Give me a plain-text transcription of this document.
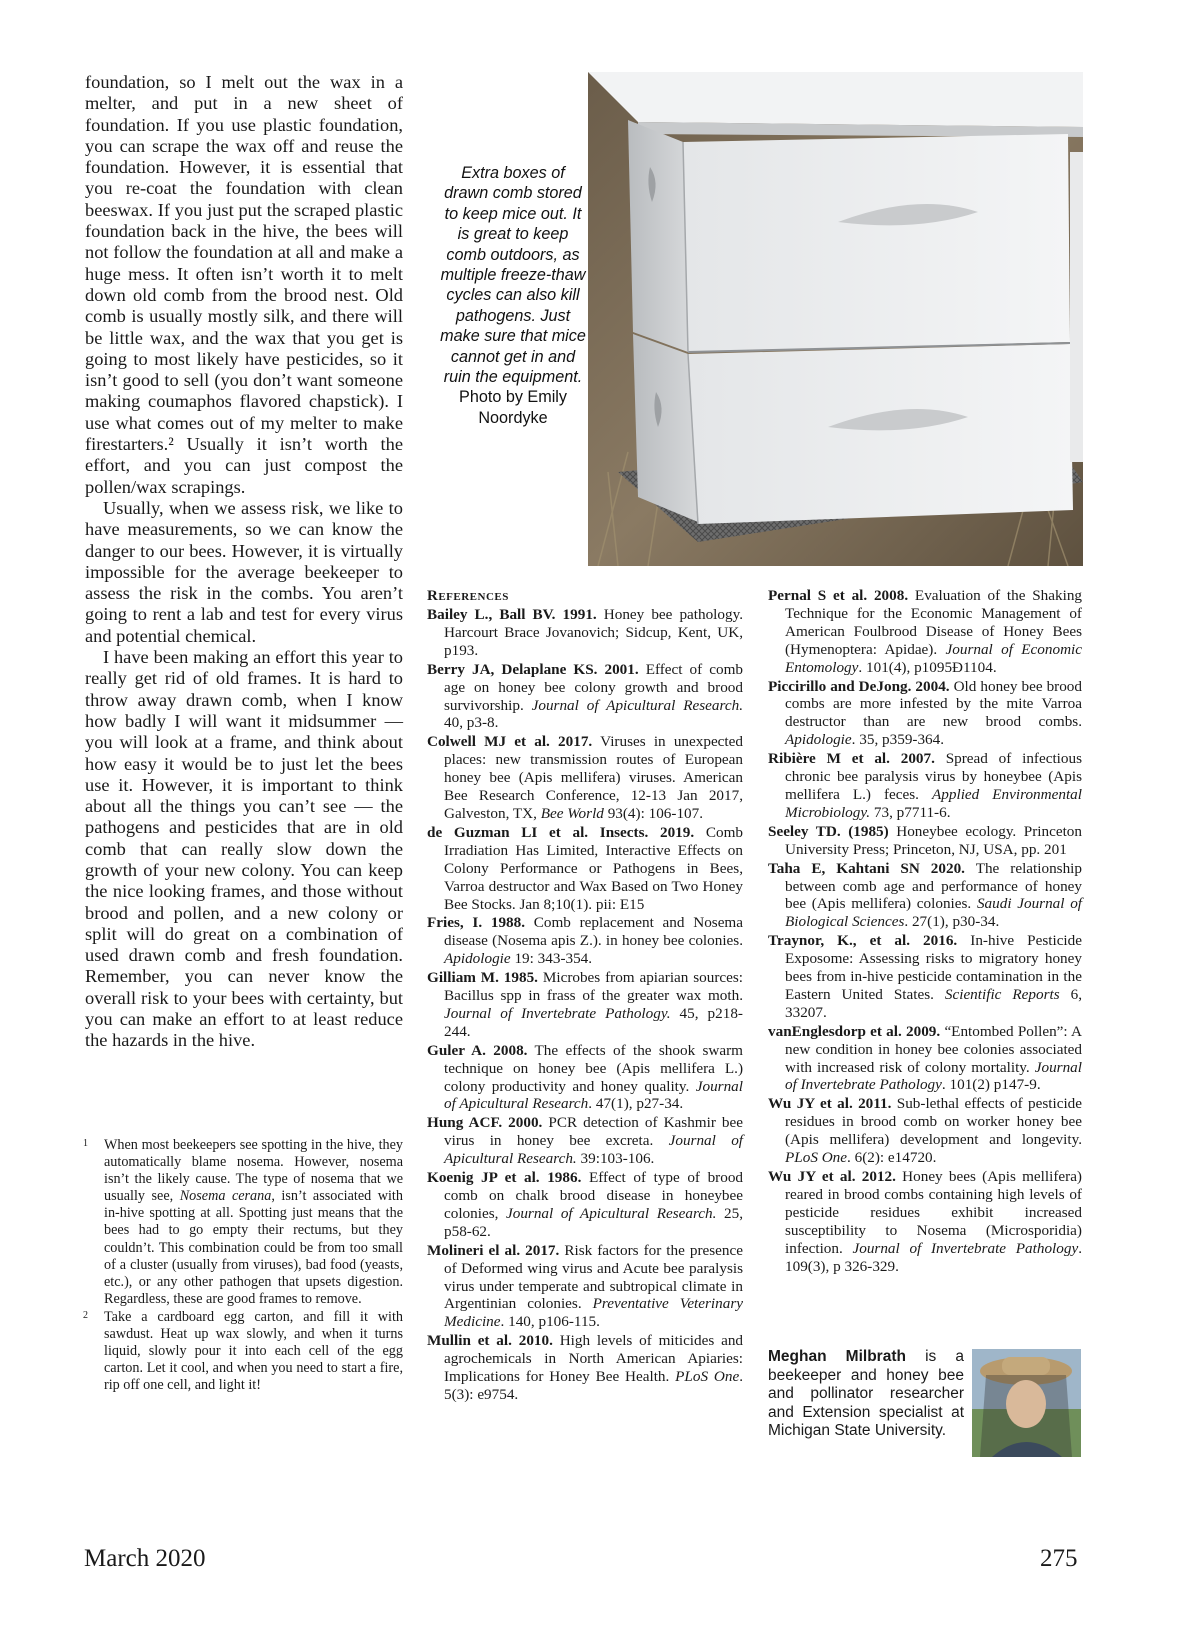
foundation, so I melt out the wax in a melter, and put in a new sheet of foundation. If you use plastic foundation, you can scrape the wax off and reuse the foundation. However, it is essential that you re-coat the foundation with clean beeswax. If you just put the scraped plastic foundation back in the hive, the bees will not follow the foundation at all and make a huge mess. It often isn’t worth it to melt down old comb from the brood nest. Old comb is usually mostly silk, and there will be little wax, and the wax that you get is going to most likely have pesticides, so it isn’t good to sell (you don’t want someone making coumaphos flavored chapstick). I use what comes out of my melter to make firestarters.² Usually it isn’t worth the effort, and you can just compost the pollen/wax scrapings.

Usually, when we assess risk, we like to have measurements, so we can know the danger to our bees. However, it is virtually impossible for the average beekeeper to assess the risk in the combs. You aren’t going to rent a lab and test for every virus and potential chemical.

I have been making an effort this year to really get rid of old frames. It is hard to throw away drawn comb, when I know how badly I will want it midsummer — you will look at a frame, and think about how easy it would be to just let the bees use it. However, it is important to think about all the things you can’t see — the pathogens and pesticides that are in old comb that can really slow down the growth of your new colony. You can keep the nice looking frames, and those without brood and pollen, and a new colony or split will do great on a combination of used drawn comb and fresh foundation. Remember, you can never know the overall risk to your bees with certainty, but you can make an effort to at least reduce the hazards in the hive.

1 When most beekeepers see spotting in the hive, they automatically blame nosema. However, nosema isn’t the likely cause. The type of nosema that we usually see, Nosema cerana, isn’t associated with in-hive spotting at all. Spotting just means that the bees had to go empty their rectums, but they couldn’t. This combination could be from too small of a cluster (usually from viruses), bad food (yeasts, etc.), or any other pathogen that upsets digestion. Regardless, these are good frames to remove.

2 Take a cardboard egg carton, and fill it with sawdust. Heat up wax slowly, and when it turns liquid, slowly pour it into each cell of the egg carton. Let it cool, and when you need to start a fire, rip off one cell, and light it!

Extra boxes of drawn comb stored to keep mice out. It is great to keep comb outdoors, as multiple freeze-thaw cycles can also kill pathogens. Just make sure that mice cannot get in and ruin the equipment.
Photo by Emily Noordyke
References

Bailey L., Ball BV. 1991. Honey bee pathology. Harcourt Brace Jovanovich; Sidcup, Kent, UK, p193.

Berry JA, Delaplane KS. 2001. Effect of comb age on honey bee colony growth and brood survivorship. Journal of Apicultural Research. 40, p3-8.

Colwell MJ et al. 2017. Viruses in unexpected places: new transmission routes of European honey bee (Apis mellifera) viruses. American Bee Research Conference, 12-13 Jan 2017, Galveston, TX, Bee World 93(4): 106-107.

de Guzman LI et al. Insects. 2019. Comb Irradiation Has Limited, Interactive Effects on Colony Performance or Pathogens in Bees, Varroa destructor and Wax Based on Two Honey Bee Stocks. Jan 8;10(1). pii: E15

Fries, I. 1988. Comb replacement and Nosema disease (Nosema apis Z.). in honey bee colonies. Apidologie 19: 343-354.

Gilliam M. 1985. Microbes from apiarian sources: Bacillus spp in frass of the greater wax moth. Journal of Invertebrate Pathology. 45, p218-244.

Guler A. 2008. The effects of the shook swarm technique on honey bee (Apis mellifera L.) colony productivity and honey quality. Journal of Apicultural Research. 47(1), p27-34.

Hung ACF. 2000. PCR detection of Kashmir bee virus in honey bee excreta. Journal of Apicultural Research. 39:103-106.

Koenig JP et al. 1986. Effect of type of brood comb on chalk brood disease in honeybee colonies, Journal of Apicultural Research. 25, p58-62.

Molineri el al. 2017. Risk factors for the presence of Deformed wing virus and Acute bee paralysis virus under temperate and subtropical climate in Argentinian colonies. Preventative Veterinary Medicine. 140, p106-115.

Mullin et al. 2010. High levels of miticides and agrochemicals in North American Apiaries: Implications for Honey Bee Health. PLoS One. 5(3): e9754.

Pernal S et al. 2008. Evaluation of the Shaking Technique for the Economic Management of American Foulbrood Disease of Honey Bees (Hymenoptera: Apidae). Journal of Economic Entomology. 101(4), p1095Ð1104.

Piccirillo and DeJong. 2004. Old honey bee brood combs are more infested by the mite Varroa destructor than are new brood combs. Apidologie. 35, p359-364.

Ribière M et al. 2007. Spread of infectious chronic bee paralysis virus by honeybee (Apis mellifera L.) feces. Applied Environmental Microbiology. 73, p7711-6.

Seeley TD. (1985) Honeybee ecology. Princeton University Press; Princeton, NJ, USA, pp. 201

Taha E, Kahtani SN 2020. The relationship between comb age and performance of honey bee (Apis mellifera) colonies. Saudi Journal of Biological Sciences. 27(1), p30-34.

Traynor, K., et al. 2016. In-hive Pesticide Exposome: Assessing risks to migratory honey bees from in-hive pesticide contamination in the Eastern United States. Scientific Reports 6, 33207.

vanEnglesdorp et al. 2009. “Entombed Pollen”: A new condition in honey bee colonies associated with increased risk of colony mortality. Journal of Invertebrate Pathology. 101(2) p147-9.

Wu JY et al. 2011. Sub-lethal effects of pesticide residues in brood comb on worker honey bee (Apis mellifera) development and longevity. PLoS One. 6(2): e14720.

Wu JY et al. 2012. Honey bees (Apis mellifera) reared in brood combs containing high levels of pesticide residues exhibit increased susceptibility to Nosema (Microsporidia) infection. Journal of Invertebrate Pathology. 109(3), p 326-329.

Meghan Milbrath is a beekeeper and honey bee and pollinator researcher and Extension specialist at Michigan State University.
March 2020	275
